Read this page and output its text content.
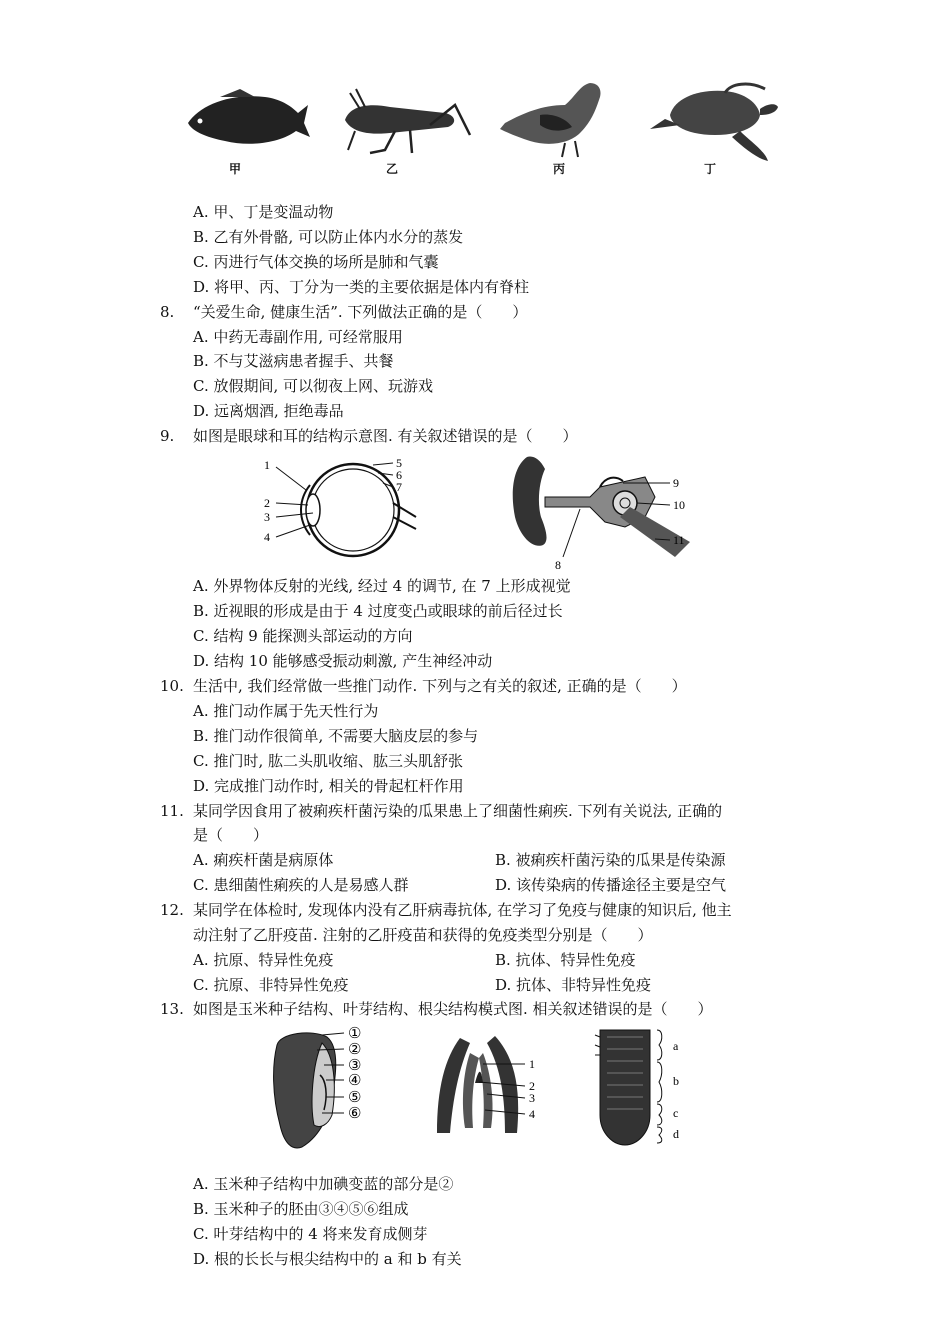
甲	乙	丙	丁
A. 甲、丁是变温动物
B. 乙有外骨骼, 可以防止体内水分的蒸发
C. 丙进行气体交换的场所是肺和气囊
D. 将甲、丙、丁分为一类的主要依据是体内有脊柱
8. “关爱生命, 健康生活”. 下列做法正确的是（　　）
A. 中药无毒副作用, 可经常服用
B. 不与艾滋病患者握手、共餐
C. 放假期间, 可以彻夜上网、玩游戏
D. 远离烟酒, 拒绝毒品
9. 如图是眼球和耳的结构示意图. 有关叙述错误的是（　　）
1
2
3
4
5
6
7
8
9
10
11
A. 外界物体反射的光线, 经过 4 的调节, 在 7 上形成视觉
B. 近视眼的形成是由于 4 过度变凸或眼球的前后径过长
C. 结构 9 能探测头部运动的方向
D. 结构 10 能够感受振动刺激, 产生神经冲动
10. 生活中, 我们经常做一些推门动作. 下列与之有关的叙述, 正确的是（　　）
A. 推门动作属于先天性行为
B. 推门动作很简单, 不需要大脑皮层的参与
C. 推门时, 肱二头肌收缩、肱三头肌舒张
D. 完成推门动作时, 相关的骨起杠杆作用
11. 某同学因食用了被痢疾杆菌污染的瓜果患上了细菌性痢疾. 下列有关说法, 正确的
是（　　）
A. 痢疾杆菌是病原体	B. 被痢疾杆菌污染的瓜果是传染源
C. 患细菌性痢疾的人是易感人群	D. 该传染病的传播途径主要是空气
12. 某同学在体检时, 发现体内没有乙肝病毒抗体, 在学习了免疫与健康的知识后, 他主
动注射了乙肝疫苗. 注射的乙肝疫苗和获得的免疫类型分别是（　　）
A. 抗原、特异性免疫	B. 抗体、特异性免疫
C. 抗原、非特异性免疫	D. 抗体、非特异性免疫
13. 如图是玉米种子结构、叶芽结构、根尖结构模式图. 相关叙述错误的是（　　）
①
②
③
④
⑤
⑥
1
2
3
4
a
b
c
d
A. 玉米种子结构中加碘变蓝的部分是②
B. 玉米种子的胚由③④⑤⑥组成
C. 叶芽结构中的 4 将来发育成侧芽
D. 根的长长与根尖结构中的 a 和 b 有关
